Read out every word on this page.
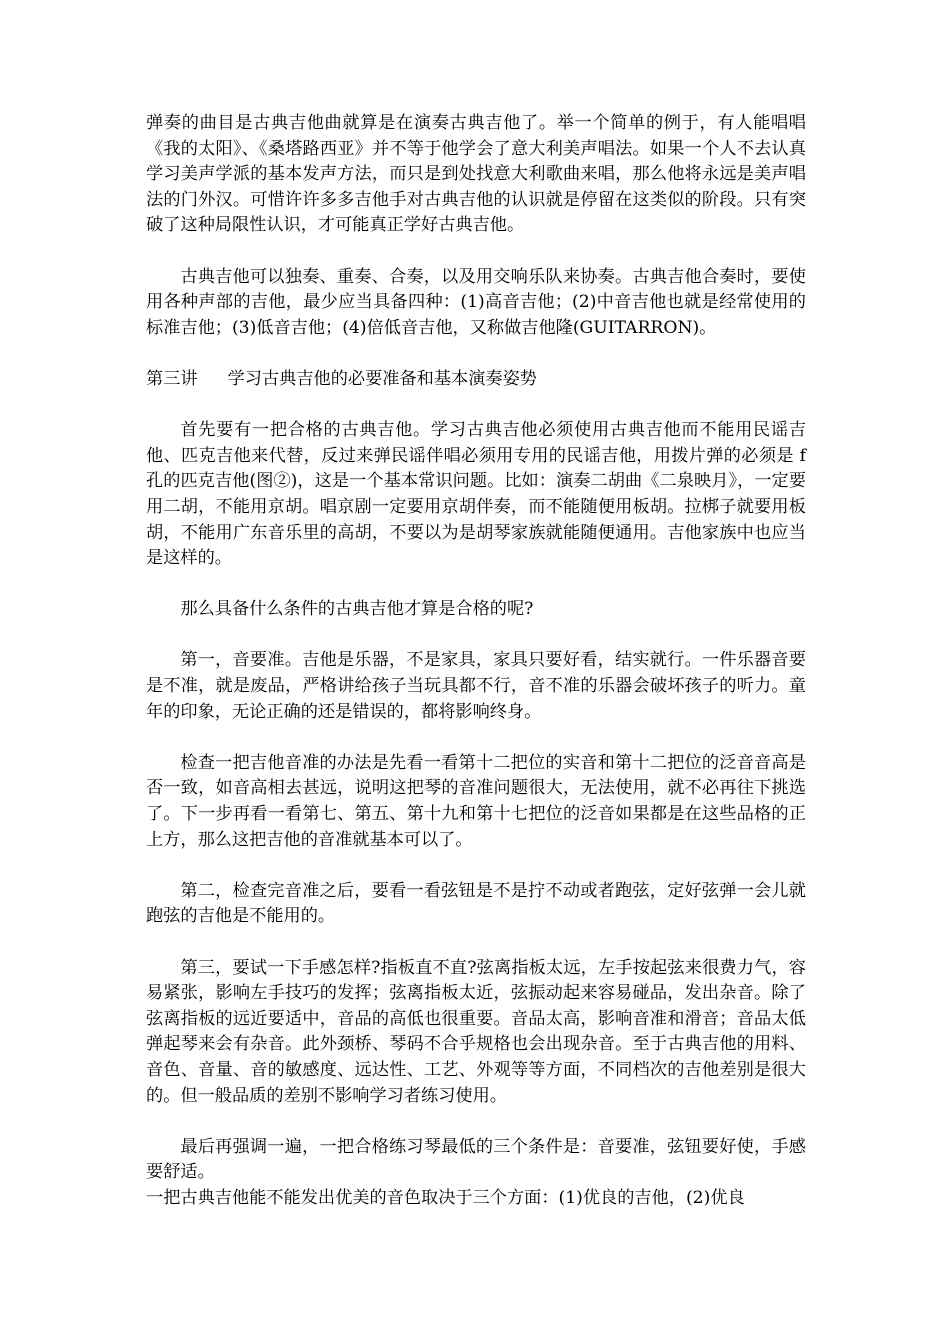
弹奏的曲目是古典吉他曲就算是在演奏古典吉他了。举一个简单的例于，有人能唱唱《我的太阳》、《桑塔路西亚》并不等于他学会了意大利美声唱法。如果一个人不去认真学习美声学派的基本发声方法，而只是到处找意大利歌曲来唱，那么他将永远是美声唱法的门外汉。可惜许许多多吉他手对古典吉他的认识就是停留在这类似的阶段。只有突破了这种局限性认识，才可能真正学好古典吉他。

古典吉他可以独奏、重奏、合奏，以及用交响乐队来协奏。古典吉他合奏时，要使用各种声部的吉他，最少应当具备四种：(1)高音吉他；(2)中音吉他也就是经常使用的标准吉他；(3)低音吉他；(4)倍低音吉他，又称做吉他隆(GUITARRON)。

第三讲 学习古典吉他的必要准备和基本演奏姿势

首先要有一把合格的古典吉他。学习古典吉他必须使用古典吉他而不能用民谣吉他、匹克吉他来代替，反过来弹民谣伴唱必须用专用的民谣吉他，用拨片弹的必须是 f 孔的匹克吉他(图②)，这是一个基本常识问题。比如：演奏二胡曲《二泉映月》，一定要用二胡，不能用京胡。唱京剧一定要用京胡伴奏，而不能随便用板胡。拉梆子就要用板胡，不能用广东音乐里的高胡，不要以为是胡琴家族就能随便通用。吉他家族中也应当是这样的。

那么具备什么条件的古典吉他才算是合格的呢?

第一，音要准。吉他是乐器，不是家具，家具只要好看，结实就行。一件乐器音要是不准，就是废品，严格讲给孩子当玩具都不行，音不准的乐器会破坏孩子的听力。童年的印象，无论正确的还是错误的，都将影响终身。

检查一把吉他音准的办法是先看一看第十二把位的实音和第十二把位的泛音音高是否一致，如音高相去甚远，说明这把琴的音准问题很大，无法使用，就不必再往下挑选了。下一步再看一看第七、第五、第十九和第十七把位的泛音如果都是在这些品格的正上方，那么这把吉他的音准就基本可以了。

第二，检查完音准之后，要看一看弦钮是不是拧不动或者跑弦，定好弦弹一会儿就跑弦的吉他是不能用的。

第三，要试一下手感怎样?指板直不直?弦离指板太远，左手按起弦来很费力气，容易紧张，影响左手技巧的发挥；弦离指板太近，弦振动起来容易碰品，发出杂音。除了弦离指板的远近要适中，音品的高低也很重要。音品太高，影响音准和滑音；音品太低弹起琴来会有杂音。此外颈桥、琴码不合乎规格也会出现杂音。至于古典吉他的用料、音色、音量、音的敏感度、远达性、工艺、外观等等方面，不同档次的吉他差别是很大的。但一般品质的差别不影响学习者练习使用。

最后再强调一遍，一把合格练习琴最低的三个条件是：音要准，弦钮要好使，手感要舒适。

一把古典吉他能不能发出优美的音色取决于三个方面：(1)优良的吉他，(2)优良
